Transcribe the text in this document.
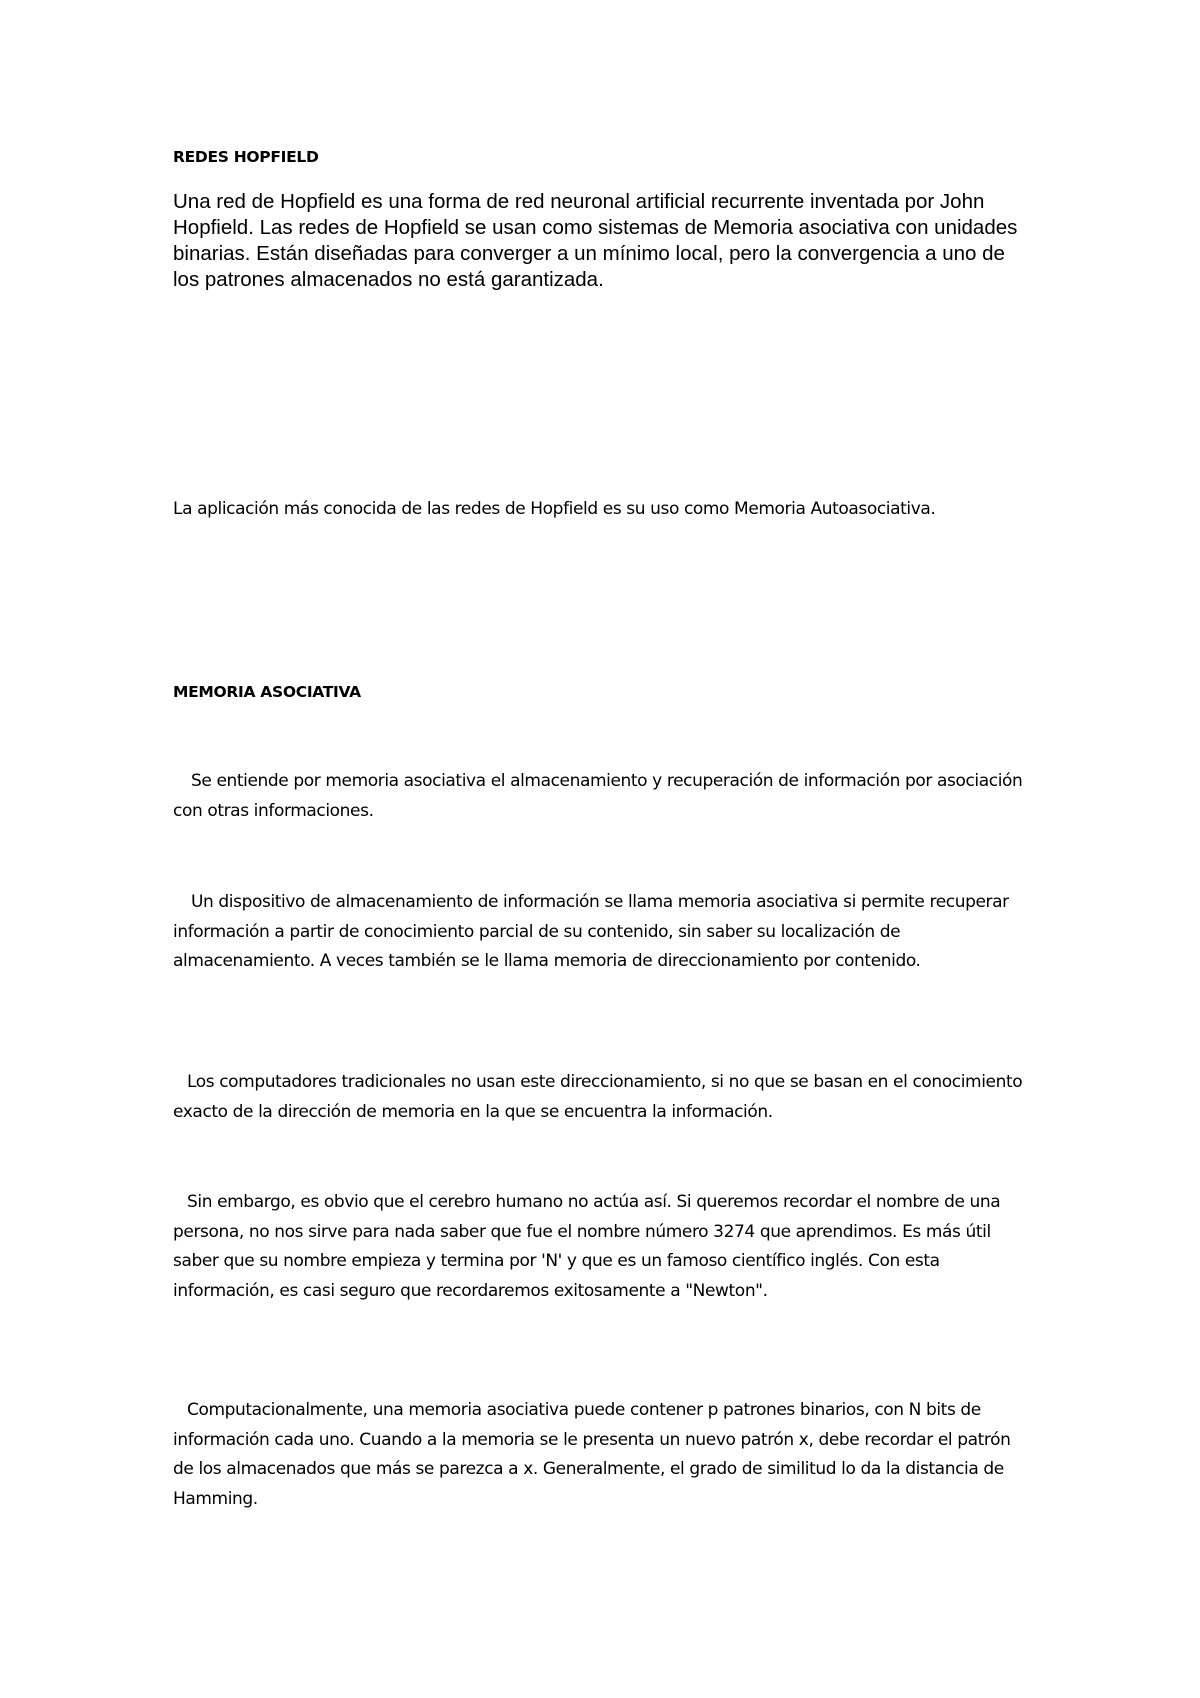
REDES HOPFIELD

Una red de Hopfield es una forma de red neuronal artificial recurrente inventada por John Hopfield. Las redes de Hopfield se usan como sistemas de Memoria asociativa con unidades binarias. Están diseñadas para converger a un mínimo local, pero la convergencia a uno de los patrones almacenados no está garantizada.

La aplicación más conocida de las redes de Hopfield es su uso como Memoria Autoasociativa.

MEMORIA ASOCIATIVA

Se entiende por memoria asociativa el almacenamiento y recuperación de información por asociación con otras informaciones.

Un dispositivo de almacenamiento de información se llama memoria asociativa si permite recuperar información a partir de conocimiento parcial de su contenido, sin saber su localización de almacenamiento. A veces también se le llama memoria de direccionamiento por contenido.

Los computadores tradicionales no usan este direccionamiento, si no que se basan en el conocimiento exacto de la dirección de memoria en la que se encuentra la información.

Sin embargo, es obvio que el cerebro humano no actúa así. Si queremos recordar el nombre de una persona, no nos sirve para nada saber que fue el nombre número 3274 que aprendimos. Es más útil saber que su nombre empieza y termina por 'N' y que es un famoso científico inglés. Con esta información, es casi seguro que recordaremos exitosamente a "Newton".

Computacionalmente, una memoria asociativa puede contener p patrones binarios, con N bits de información cada uno. Cuando a la memoria se le presenta un nuevo patrón x, debe recordar el patrón de los almacenados que más se parezca a x. Generalmente, el grado de similitud lo da la distancia de Hamming.
